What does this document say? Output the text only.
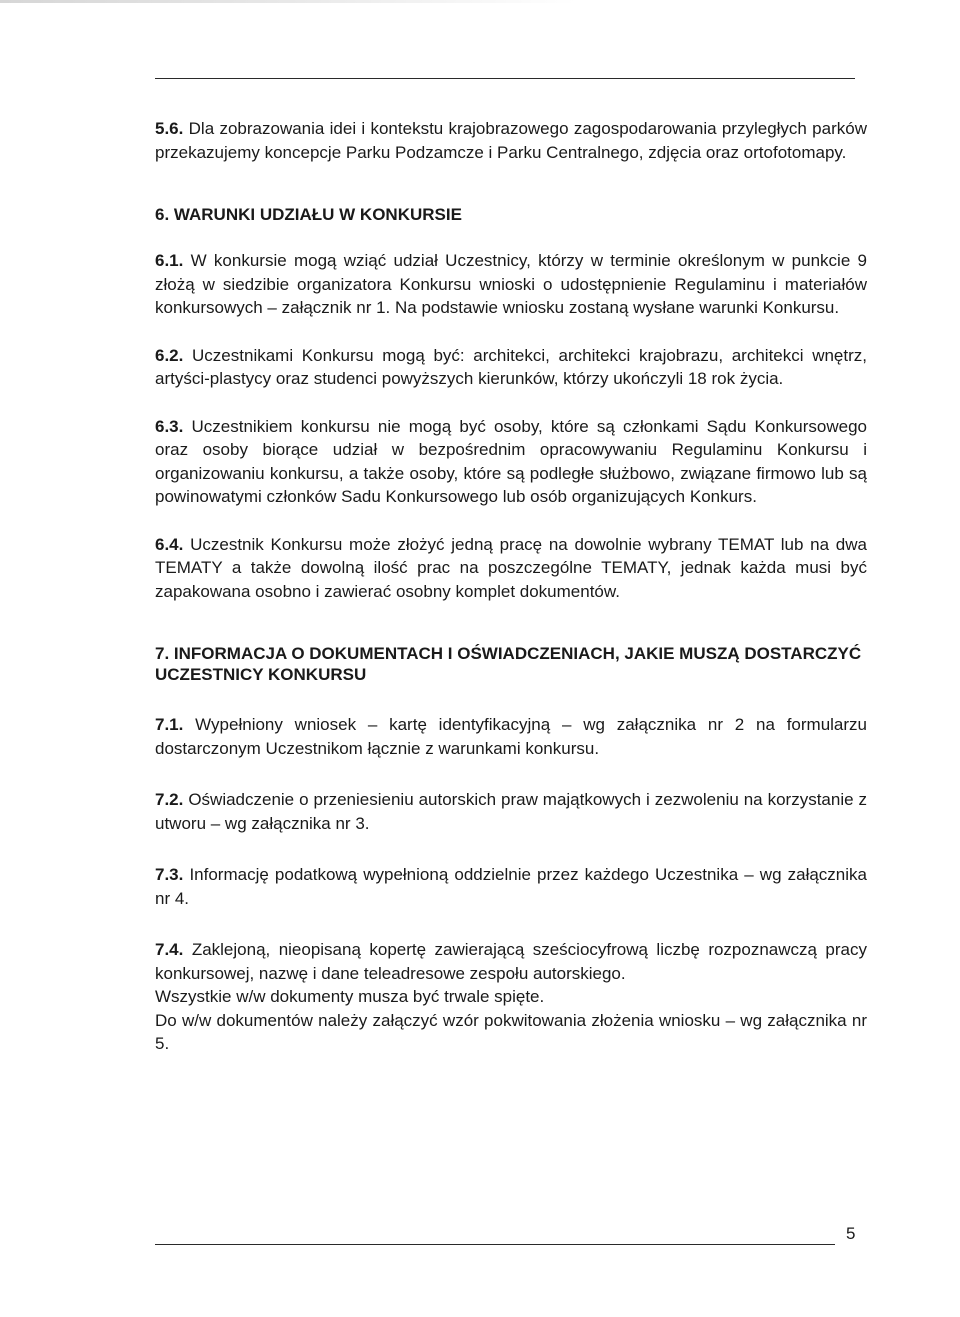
5.6. Dla zobrazowania idei i kontekstu krajobrazowego zagospodarowania przyległych parków przekazujemy koncepcje Parku Podzamcze i Parku Centralnego, zdjęcia oraz ortofotomapy.

6. WARUNKI UDZIAŁU W KONKURSIE

6.1. W konkursie mogą wziąć udział Uczestnicy, którzy w terminie określonym w punkcie 9 złożą w siedzibie organizatora Konkursu wnioski o udostępnienie Regulaminu i materiałów konkursowych – załącznik nr 1. Na podstawie wniosku zostaną wysłane warunki Konkursu.

6.2. Uczestnikami Konkursu mogą być: architekci, architekci krajobrazu, architekci wnętrz, artyści-plastycy oraz studenci powyższych kierunków, którzy ukończyli 18 rok życia.

6.3. Uczestnikiem konkursu nie mogą być osoby, które są członkami Sądu Konkursowego oraz osoby biorące udział w bezpośrednim opracowywaniu Regulaminu Konkursu i organizowaniu konkursu, a także osoby, które są podległe służbowo, związane firmowo lub są powinowatymi członków Sadu Konkursowego lub osób organizujących Konkurs.

6.4. Uczestnik Konkursu może złożyć jedną pracę na dowolnie wybrany TEMAT lub na dwa TEMATY a także dowolną ilość prac na poszczególne TEMATY, jednak każda musi być zapakowana osobno i zawierać osobny komplet dokumentów.

7. INFORMACJA O DOKUMENTACH I OŚWIADCZENIACH, JAKIE MUSZĄ DOSTARCZYĆ UCZESTNICY KONKURSU

7.1. Wypełniony wniosek – kartę identyfikacyjną – wg załącznika nr 2 na formularzu dostarczonym Uczestnikom łącznie z warunkami konkursu.

7.2. Oświadczenie o przeniesieniu autorskich praw majątkowych i zezwoleniu na korzystanie z utworu – wg załącznika nr 3.

7.3. Informację podatkową wypełnioną oddzielnie przez każdego Uczestnika – wg załącznika nr 4.

7.4. Zaklejoną, nieopisaną kopertę zawierającą sześciocyfrową liczbę rozpoznawczą pracy konkursowej, nazwę i dane teleadresowe zespołu autorskiego.
Wszystkie w/w dokumenty musza być trwale spięte.
Do w/w dokumentów należy załączyć wzór pokwitowania złożenia wniosku – wg załącznika nr 5.

5
